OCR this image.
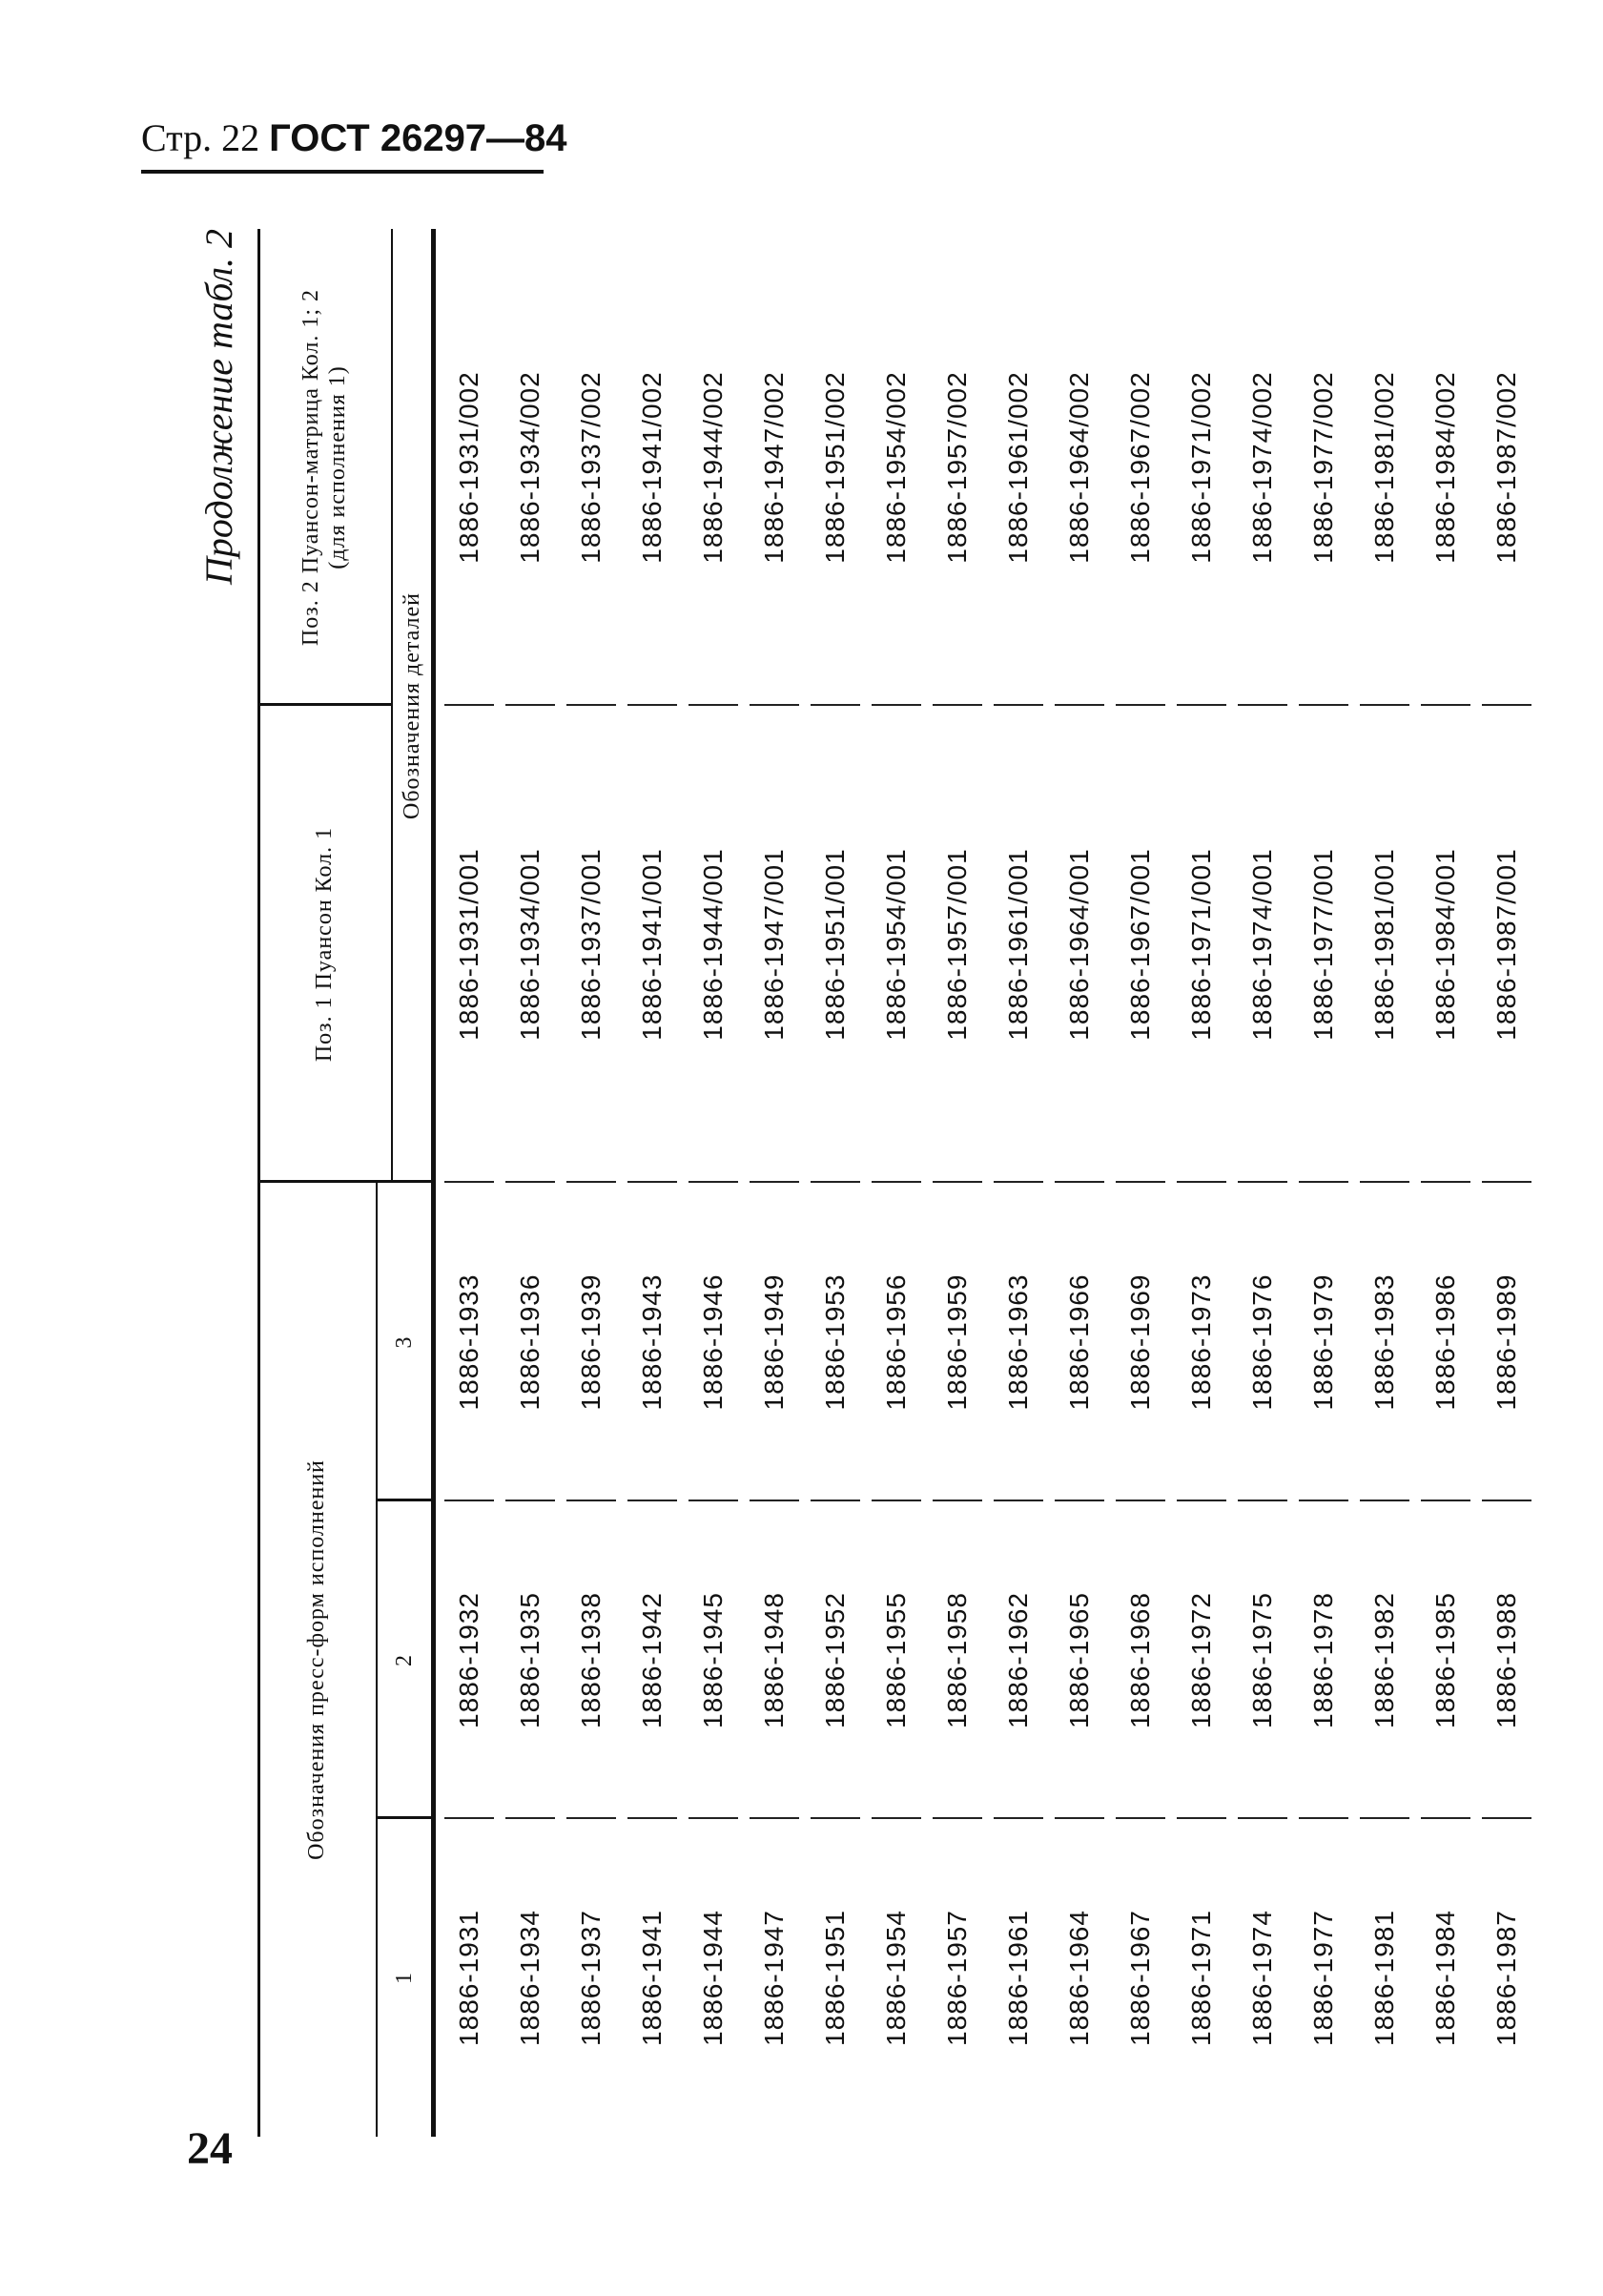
Стр. 22 ГОСТ 26297—84
Продолжение табл. 2
Обозначения пресс-форм исполнений
1
2
3
Поз. 1 Пуансон Кол. 1
Поз. 2 Пуансон-матрица Кол. 1; 2 (для исполнения 1)
Обозначения деталей
1886-1931
1886-1932
1886-1933
1886-1931/001
1886-1931/002
1886-1934
1886-1935
1886-1936
1886-1934/001
1886-1934/002
1886-1937
1886-1938
1886-1939
1886-1937/001
1886-1937/002
1886-1941
1886-1942
1886-1943
1886-1941/001
1886-1941/002
1886-1944
1886-1945
1886-1946
1886-1944/001
1886-1944/002
1886-1947
1886-1948
1886-1949
1886-1947/001
1886-1947/002
1886-1951
1886-1952
1886-1953
1886-1951/001
1886-1951/002
1886-1954
1886-1955
1886-1956
1886-1954/001
1886-1954/002
1886-1957
1886-1958
1886-1959
1886-1957/001
1886-1957/002
1886-1961
1886-1962
1886-1963
1886-1961/001
1886-1961/002
1886-1964
1886-1965
1886-1966
1886-1964/001
1886-1964/002
1886-1967
1886-1968
1886-1969
1886-1967/001
1886-1967/002
1886-1971
1886-1972
1886-1973
1886-1971/001
1886-1971/002
1886-1974
1886-1975
1886-1976
1886-1974/001
1886-1974/002
1886-1977
1886-1978
1886-1979
1886-1977/001
1886-1977/002
1886-1981
1886-1982
1886-1983
1886-1981/001
1886-1981/002
1886-1984
1886-1985
1886-1986
1886-1984/001
1886-1984/002
1886-1987
1886-1988
1886-1989
1886-1987/001
1886-1987/002
24
